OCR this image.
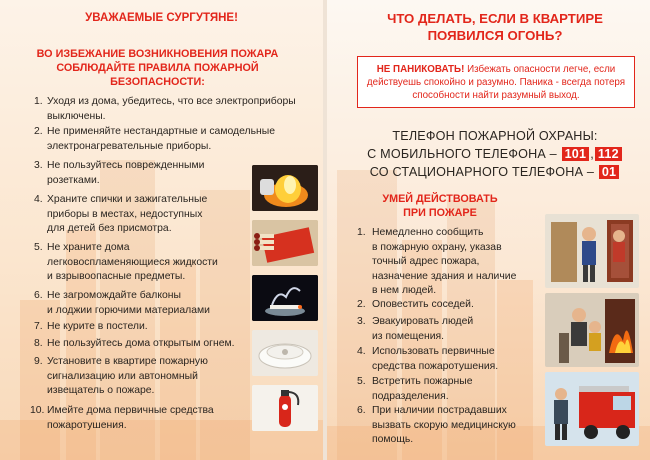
УВАЖАЕМЫЕ СУРГУТЯНЕ!
ВО ИЗБЕЖАНИЕ ВОЗНИКНОВЕНИЯ ПОЖАРА
СОБЛЮДАЙТЕ ПРАВИЛА ПОЖАРНОЙ
БЕЗОПАСНОСТИ:
1. Уходя из дома, убедитесь, что все электроприборы
выключены.
2. Не применяйте нестандартные и самодельные
электронагревательные приборы.
3. Не пользуйтесь поврежденными
розетками.
4. Храните спички и зажигательные
приборы в местах, недоступных
для детей без присмотра.
5. Не храните дома
легковоспламеняющиеся жидкости
и взрывоопасные предметы.
6. Не загромождайте балконы
и лоджии горючими материалами
7. Не курите в постели.
8. Не пользуйтесь дома открытым огнем.
9. Установите в квартире пожарную
сигнализацию или автономный
извещатель о пожаре.
10. Имейте дома первичные средства
пожаротушения.
ЧТО ДЕЛАТЬ, ЕСЛИ В КВАРТИРЕ
ПОЯВИЛСЯ ОГОНЬ?
НЕ ПАНИКОВАТЬ! Избежать опасности легче, если действуешь спокойно и разумно. Паника - всегда потеря способности найти разумный выход.
ТЕЛЕФОН ПОЖАРНОЙ ОХРАНЫ:
С МОБИЛЬНОГО ТЕЛЕФОНА – 101 , 112
СО СТАЦИОНАРНОГО ТЕЛЕФОНА – 01
УМЕЙ ДЕЙСТВОВАТЬ
ПРИ ПОЖАРЕ
1. Немедленно сообщить
в пожарную охрану, указав
точный адрес пожара,
назначение здания и наличие
в нем людей.
2. Оповестить соседей.
3. Эвакуировать людей
из помещения.
4. Использовать первичные
средства пожаротушения.
5. Встретить пожарные
подразделения.
6. При наличии пострадавших
вызвать скорую медицинскую
помощь.
